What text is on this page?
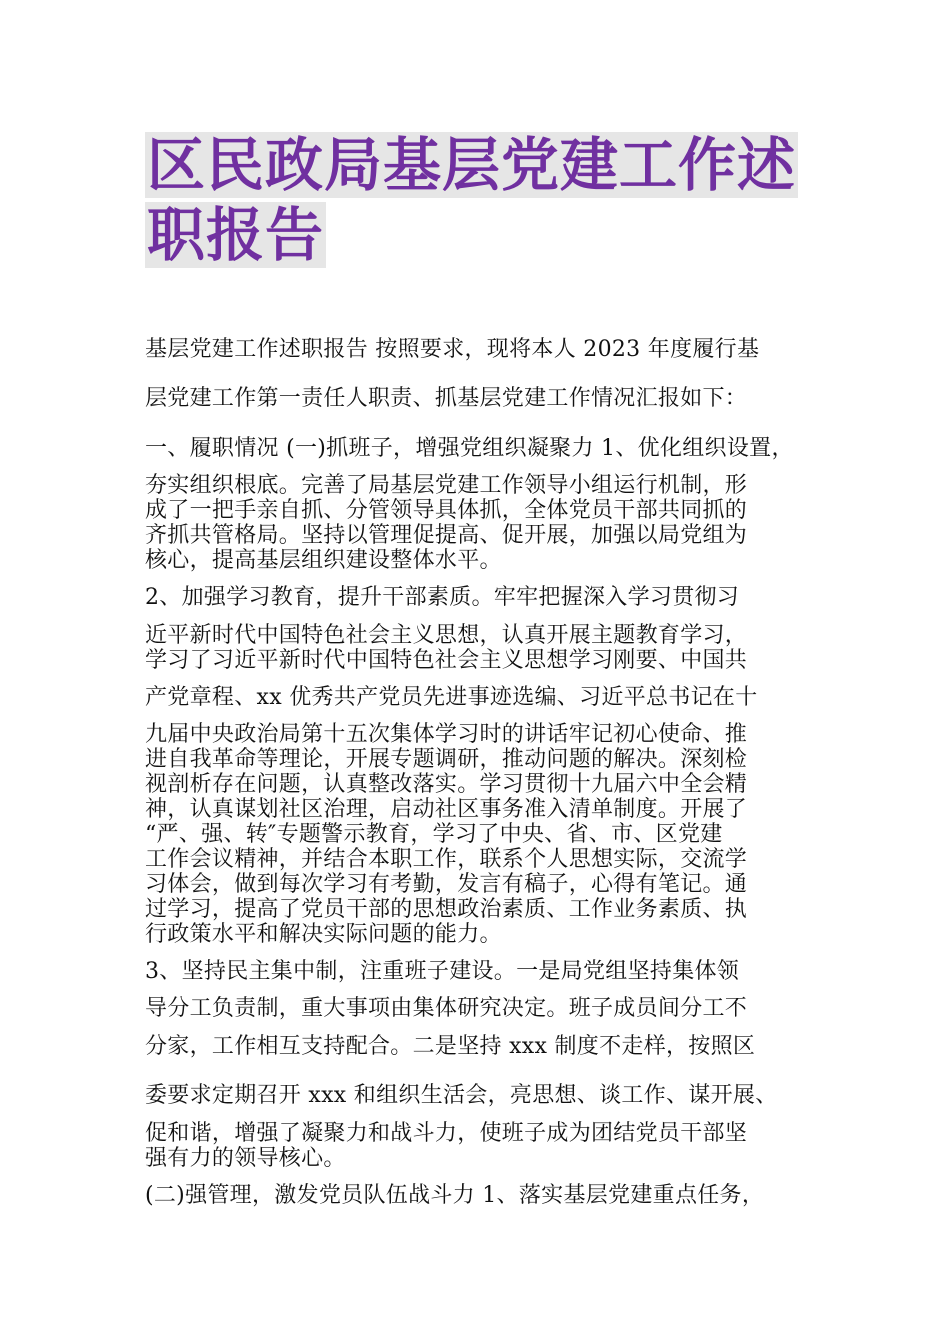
区民政局基层党建工作述
职报告
基层党建工作述职报告 按照要求，现将本人 2023 年度履行基
层党建工作第一责任人职责、抓基层党建工作情况汇报如下：
一、履职情况 (一)抓班子，增强党组织凝聚力 1、优化组织设置，
夯实组织根底。完善了局基层党建工作领导小组运行机制，形
成了一把手亲自抓、分管领导具体抓，全体党员干部共同抓的
齐抓共管格局。坚持以管理促提高、促开展，加强以局党组为
核心，提高基层组织建设整体水平。
2、加强学习教育，提升干部素质。牢牢把握深入学习贯彻习
近平新时代中国特色社会主义思想，认真开展主题教育学习，
学习了习近平新时代中国特色社会主义思想学习刚要、中国共
产党章程、xx 优秀共产党员先进事迹选编、习近平总书记在十
九届中央政治局第十五次集体学习时的讲话牢记初心使命、推
进自我革命等理论，开展专题调研，推动问题的解决。深刻检
视剖析存在问题，认真整改落实。学习贯彻十九届六中全会精
神，认真谋划社区治理，启动社区事务准入清单制度。开展了
“严、强、转″专题警示教育，学习了中央、省、市、区党建
工作会议精神，并结合本职工作，联系个人思想实际，交流学
习体会，做到每次学习有考勤，发言有稿子，心得有笔记。通
过学习，提高了党员干部的思想政治素质、工作业务素质、执
行政策水平和解决实际问题的能力。
3、坚持民主集中制，注重班子建设。一是局党组坚持集体领
导分工负责制，重大事项由集体研究决定。班子成员间分工不
分家，工作相互支持配合。二是坚持 xxx 制度不走样，按照区
委要求定期召开 xxx 和组织生活会，亮思想、谈工作、谋开展、
促和谐，增强了凝聚力和战斗力，使班子成为团结党员干部坚
强有力的领导核心。
(二)强管理，激发党员队伍战斗力 1、落实基层党建重点任务，
